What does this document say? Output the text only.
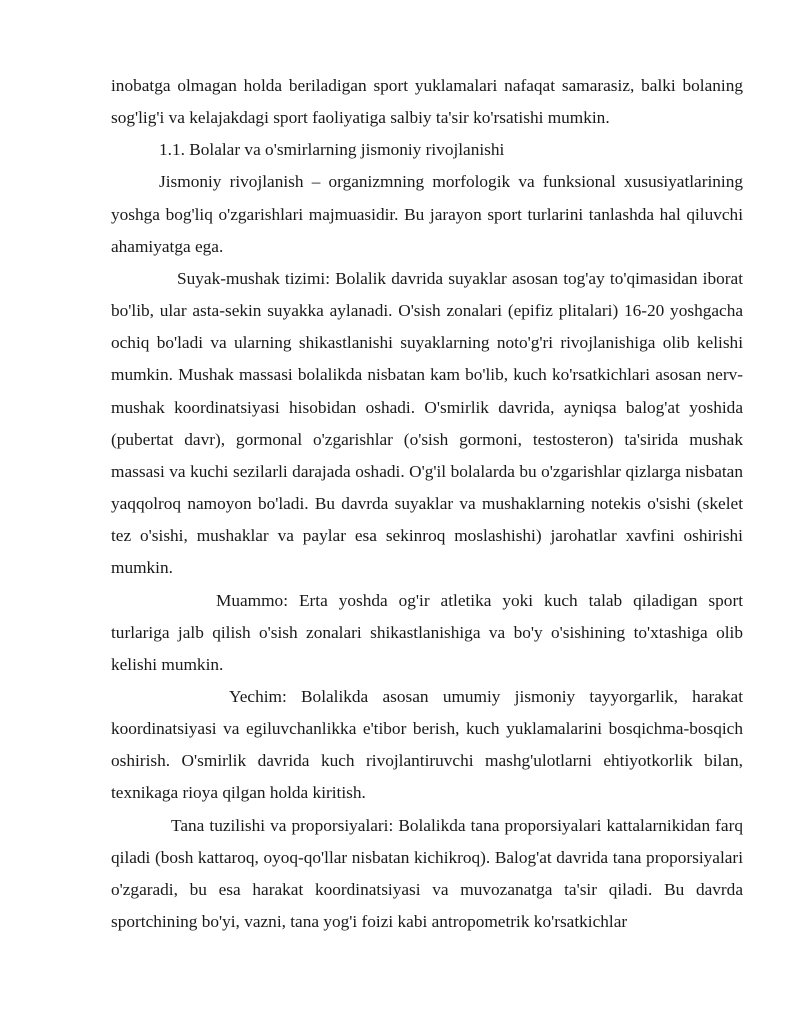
inobatga olmagan holda beriladigan sport yuklamalari nafaqat samarasiz, balki bolaning sog'lig'i va kelajakdagi sport faoliyatiga salbiy ta'sir ko'rsatishi mumkin.

1.1. Bolalar va o'smirlarning jismoniy rivojlanishi

Jismoniy rivojlanish – organizmning morfologik va funksional xususiyatlarining yoshga bog'liq o'zgarishlari majmuasidir. Bu jarayon sport turlarini tanlashda hal qiluvchi ahamiyatga ega.

Suyak-mushak tizimi: Bolalik davrida suyaklar asosan tog'ay to'qimasidan iborat bo'lib, ular asta-sekin suyakka aylanadi. O'sish zonalari (epifiz plitalari) 16-20 yoshgacha ochiq bo'ladi va ularning shikastlanishi suyaklarning noto'g'ri rivojlanishiga olib kelishi mumkin. Mushak massasi bolalikda nisbatan kam bo'lib, kuch ko'rsatkichlari asosan nerv-mushak koordinatsiyasi hisobidan oshadi. O'smirlik davrida, ayniqsa balog'at yoshida (pubertat davr), gormonal o'zgarishlar (o'sish gormoni, testosteron) ta'sirida mushak massasi va kuchi sezilarli darajada oshadi. O'g'il bolalarda bu o'zgarishlar qizlarga nisbatan yaqqolroq namoyon bo'ladi. Bu davrda suyaklar va mushaklarning notekis o'sishi (skelet tez o'sishi, mushaklar va paylar esa sekinroq moslashishi) jarohatlar xavfini oshirishi mumkin.

Muammo: Erta yoshda og'ir atletika yoki kuch talab qiladigan sport turlariga jalb qilish o'sish zonalari shikastlanishiga va bo'y o'sishining to'xtashiga olib kelishi mumkin.

Yechim: Bolalikda asosan umumiy jismoniy tayyorgarlik, harakat koordinatsiyasi va egiluvchanlikka e'tibor berish, kuch yuklamalarini bosqichma-bosqich oshirish. O'smirlik davrida kuch rivojlantiruvchi mashg'ulotlarni ehtiyotkorlik bilan, texnikaga rioya qilgan holda kiritish.

Tana tuzilishi va proporsiyalari: Bolalikda tana proporsiyalari kattalarnikidan farq qiladi (bosh kattaroq, oyoq-qo'llar nisbatan kichikroq). Balog'at davrida tana proporsiyalari o'zgaradi, bu esa harakat koordinatsiyasi va muvozanatga ta'sir qiladi. Bu davrda sportchining bo'yi, vazni, tana yog'i foizi kabi antropometrik ko'rsatkichlar
